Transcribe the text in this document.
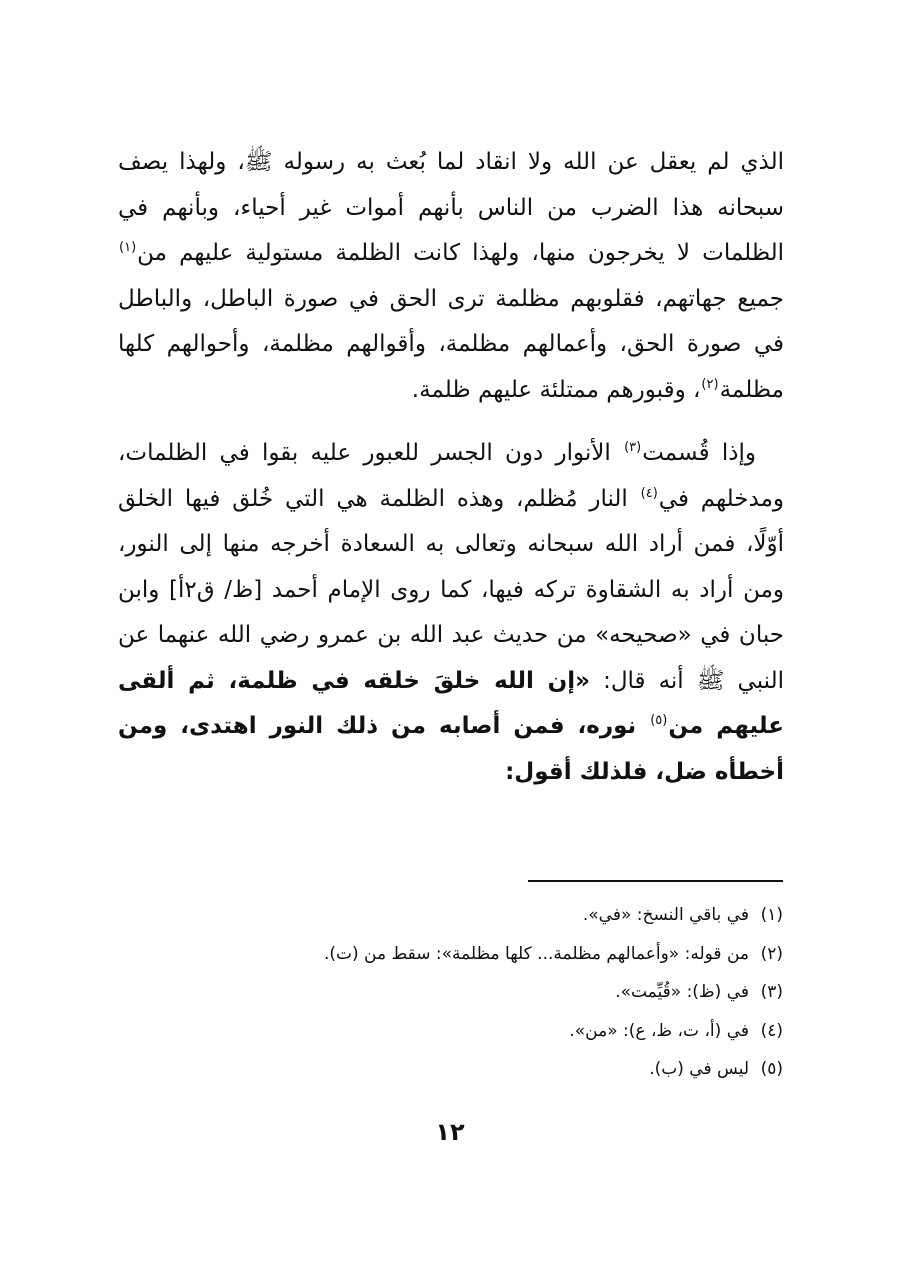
الذي لم يعقل عن الله ولا انقاد لما بُعث به رسوله ﷺ، ولهذا يصف سبحانه هذا الضرب من الناس بأنهم أموات غير أحياء، وبأنهم في الظلمات لا يخرجون منها، ولهذا كانت الظلمة مستولية عليهم من$^{(١)}$ جميع جهاتهم، فقلوبهم مظلمة ترى الحق في صورة الباطل، والباطل في صورة الحق، وأعمالهم مظلمة، وأقوالهم مظلمة، وأحوالهم كلها مظلمة$^{(٢)}$، وقبورهم ممتلئة عليهم ظلمة.

وإذا قُسمت$^{(٣)}$ الأنوار دون الجسر للعبور عليه بقوا في الظلمات، ومدخلهم في$^{(٤)}$ النار مُظلم، وهذه الظلمة هي التي خُلق فيها الخلق أوّلًا، فمن أراد الله سبحانه وتعالى به السعادة أخرجه منها إلى النور، ومن أراد به الشقاوة تركه فيها، كما روى الإمام أحمد [ظ/ ق٢أ] وابن حبان في «صحيحه» من حديث عبد الله بن عمرو رضي الله عنهما عن النبي ﷺ أنه قال: «إن الله خلقَ خلقه في ظلمة، ثم ألقى عليهم من$^{(٥)}$ نوره، فمن أصابه من ذلك النور اهتدى، ومن أخطأه ضل، فلذلك أقول:

(١)في باقي النسخ: «في».
(٢)من قوله: «وأعمالهم مظلمة... كلها مظلمة»: سقط من (ت).
(٣)في (ظ): «قُيِّمت».
(٤)في (أ، ت، ظ، ع): «من».
(٥)ليس في (ب).
١٢
